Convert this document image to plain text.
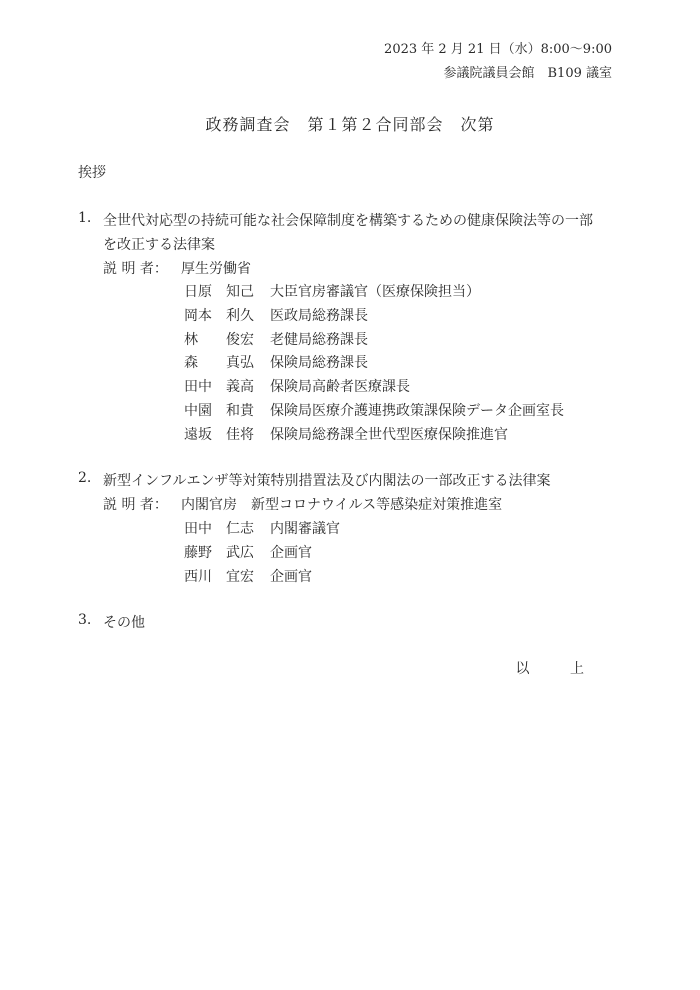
2023 年 2 月 21 日（水）8:00〜9:00
参議院議員会館　B109 議室
政務調査会　第１第２合同部会　次第
挨拶
1. 全世代対応型の持続可能な社会保障制度を構築するための健康保険法等の一部
を改正する法律案
説 明 者： 厚生労働省
日原　知己 大臣官房審議官（医療保険担当）
岡本　利久 医政局総務課長
林　　俊宏 老健局総務課長
森　　真弘 保険局総務課長
田中　義高 保険局高齢者医療課長
中園　和貴 保険局医療介護連携政策課保険データ企画室長
遠坂　佳将 保険局総務課全世代型医療保険推進官
2. 新型インフルエンザ等対策特別措置法及び内閣法の一部改正する法律案
説 明 者： 内閣官房　新型コロナウイルス等感染症対策推進室
田中　仁志 内閣審議官
藤野　武広 企画官
西川　宜宏 企画官
3. その他
以 上
